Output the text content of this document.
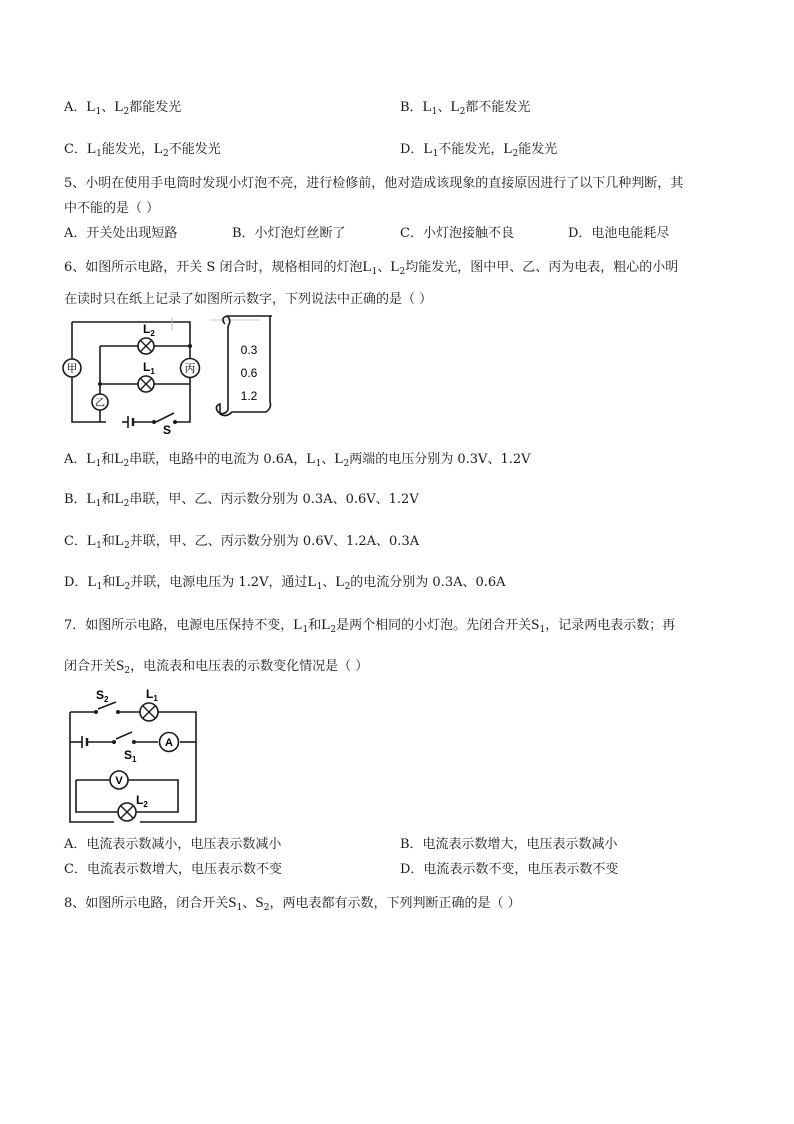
A．$L_1$、$L_2$都能发光	B．$L_1$、$L_2$都不能发光
C．$L_1$能发光，$L_2$不能发光	D．$L_1$不能发光，$L_2$能发光
5、小明在使用手电筒时发现小灯泡不亮，进行检修前，他对造成该现象的直接原因进行了以下几种判断，其
中不能的是（ ）
A．开关处出现短路	B．小灯泡灯丝断了	C．小灯泡接触不良	D．电池电能耗尽
6、如图所示电路，开关 S 闭合时，规格相同的灯泡$L_1$、$L_2$均能发光，图中甲、乙、丙为电表，粗心的小明
在读时只在纸上记录了如图所示数字，下列说法中正确的是（ ）
$L_2$
$L_1$
甲	丙
乙
S
0.3
0.6
1.2
A．$L_1$和$L_2$串联，电路中的电流为 0.6A，$L_1$、$L_2$两端的电压分别为 0.3V、1.2V
B．$L_1$和$L_2$串联，甲、乙、丙示数分别为 0.3A、0.6V、1.2V
C．$L_1$和$L_2$并联，甲、乙、丙示数分别为 0.6V、1.2A、0.3A
D．$L_1$和$L_2$并联，电源电压为 1.2V，通过$L_1$、$L_2$的电流分别为 0.3A、0.6A
7．如图所示电路，电源电压保持不变，$L_1$和$L_2$是两个相同的小灯泡。先闭合开关$S_1$，记录两电表示数；再
闭合开关$S_2$，电流表和电压表的示数变化情况是（ ）
A
V
$S_2$	$L_1$
$S_1$
$L_2$
A．电流表示数减小，电压表示数减小	B．电流表示数增大，电压表示数减小
C．电流表示数增大，电压表示数不变	D．电流表示数不变，电压表示数不变
8、如图所示电路，闭合开关$S_1$、$S_2$，两电表都有示数，下列判断正确的是（ ）
